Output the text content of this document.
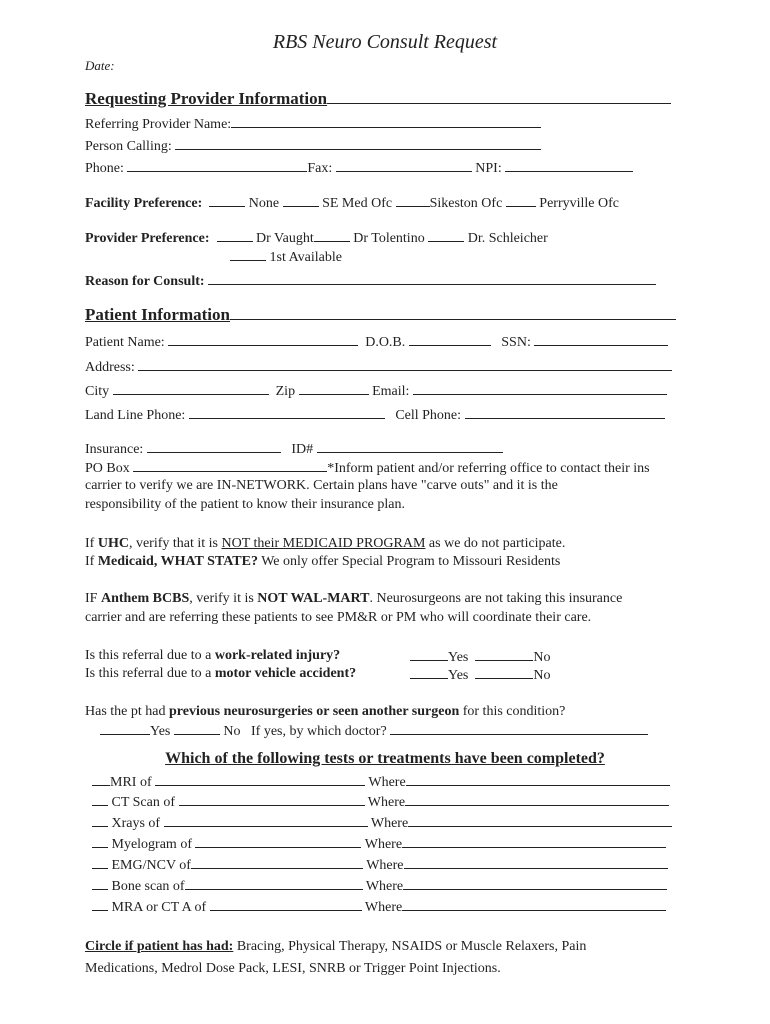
RBS Neuro Consult Request
Date:
Requesting Provider Information
Referring Provider Name:
Person Calling:
Phone:	Fax:	NPI:
Facility Preference:	None	SE Med Ofc	Sikeston Ofc	Perryville Ofc
Provider Preference:	Dr Vaught	Dr Tolentino	Dr. Schleicher
1st Available
Reason for Consult:
Patient Information
Patient Name:	D.O.B.	SSN:
Address:
City	Zip	Email:
Land Line Phone:	Cell Phone:
Insurance:	ID#
PO Box	*Inform patient and/or referring office to contact their ins
carrier to verify we are IN-NETWORK. Certain plans have "carve outs" and it is the
responsibility of the patient to know their insurance plan.
If UHC, verify that it is NOT their MEDICAID PROGRAM as we do not participate.
If Medicaid, WHAT STATE? We only offer Special Program to Missouri Residents
IF Anthem BCBS, verify it is NOT WAL-MART. Neurosurgeons are not taking this insurance
carrier and are referring these patients to see PM&R or PM who will coordinate their care.
Is this referral due to a work-related injury?	Yes	No
Is this referral due to a motor vehicle accident?	Yes	No
Has the pt had previous neurosurgeries or seen another surgeon for this condition?
Yes	No If yes, by which doctor?
Which of the following tests or treatments have been completed?
MRI of	Where
CT Scan of	Where
Xrays of	Where
Myelogram of	Where
EMG/NCV of	Where
Bone scan of	Where
MRA or CT A of	Where
Circle if patient has had: Bracing, Physical Therapy, NSAIDS or Muscle Relaxers, Pain
Medications, Medrol Dose Pack, LESI, SNRB or Trigger Point Injections.
